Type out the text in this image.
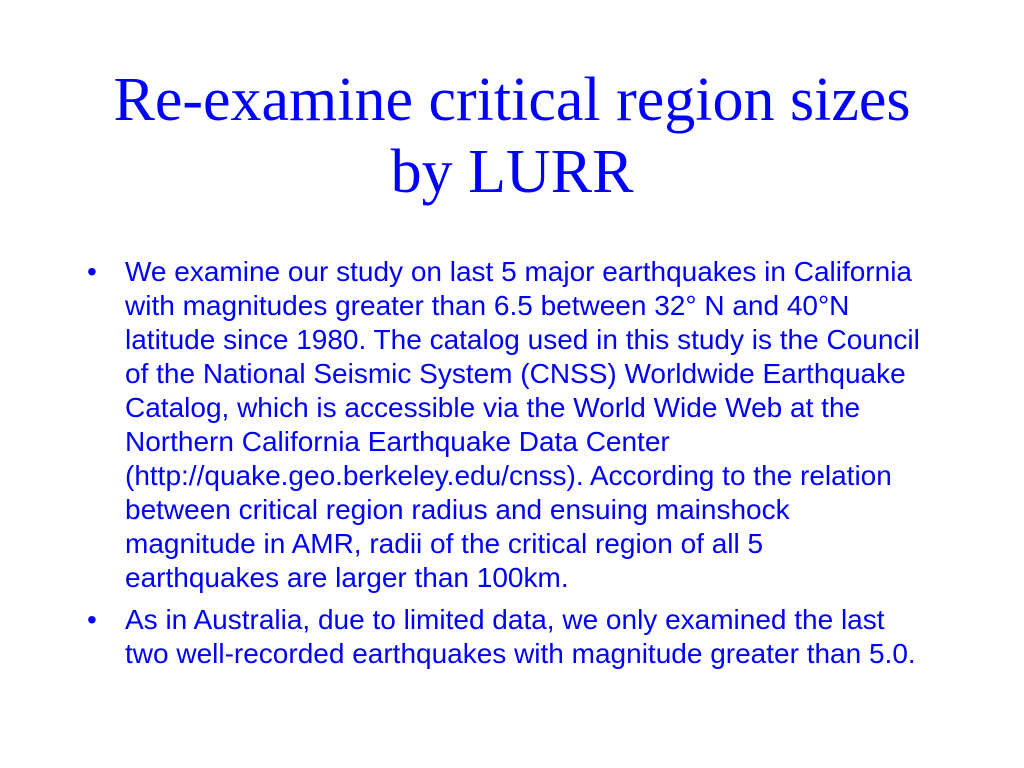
Re-examine critical region sizes
by LURR
• We examine our study on last 5 major earthquakes in California
with magnitudes greater than 6.5 between 32° N and 40°N
latitude since 1980. The catalog used in this study is the Council
of the National Seismic System (CNSS) Worldwide Earthquake
Catalog, which is accessible via the World Wide Web at the
Northern California Earthquake Data Center
(http://quake.geo.berkeley.edu/cnss). According to the relation
between critical region radius and ensuing mainshock
magnitude in AMR, radii of the critical region of all 5
earthquakes are larger than 100km.
• As in Australia, due to limited data, we only examined the last
two well-recorded earthquakes with magnitude greater than 5.0.
